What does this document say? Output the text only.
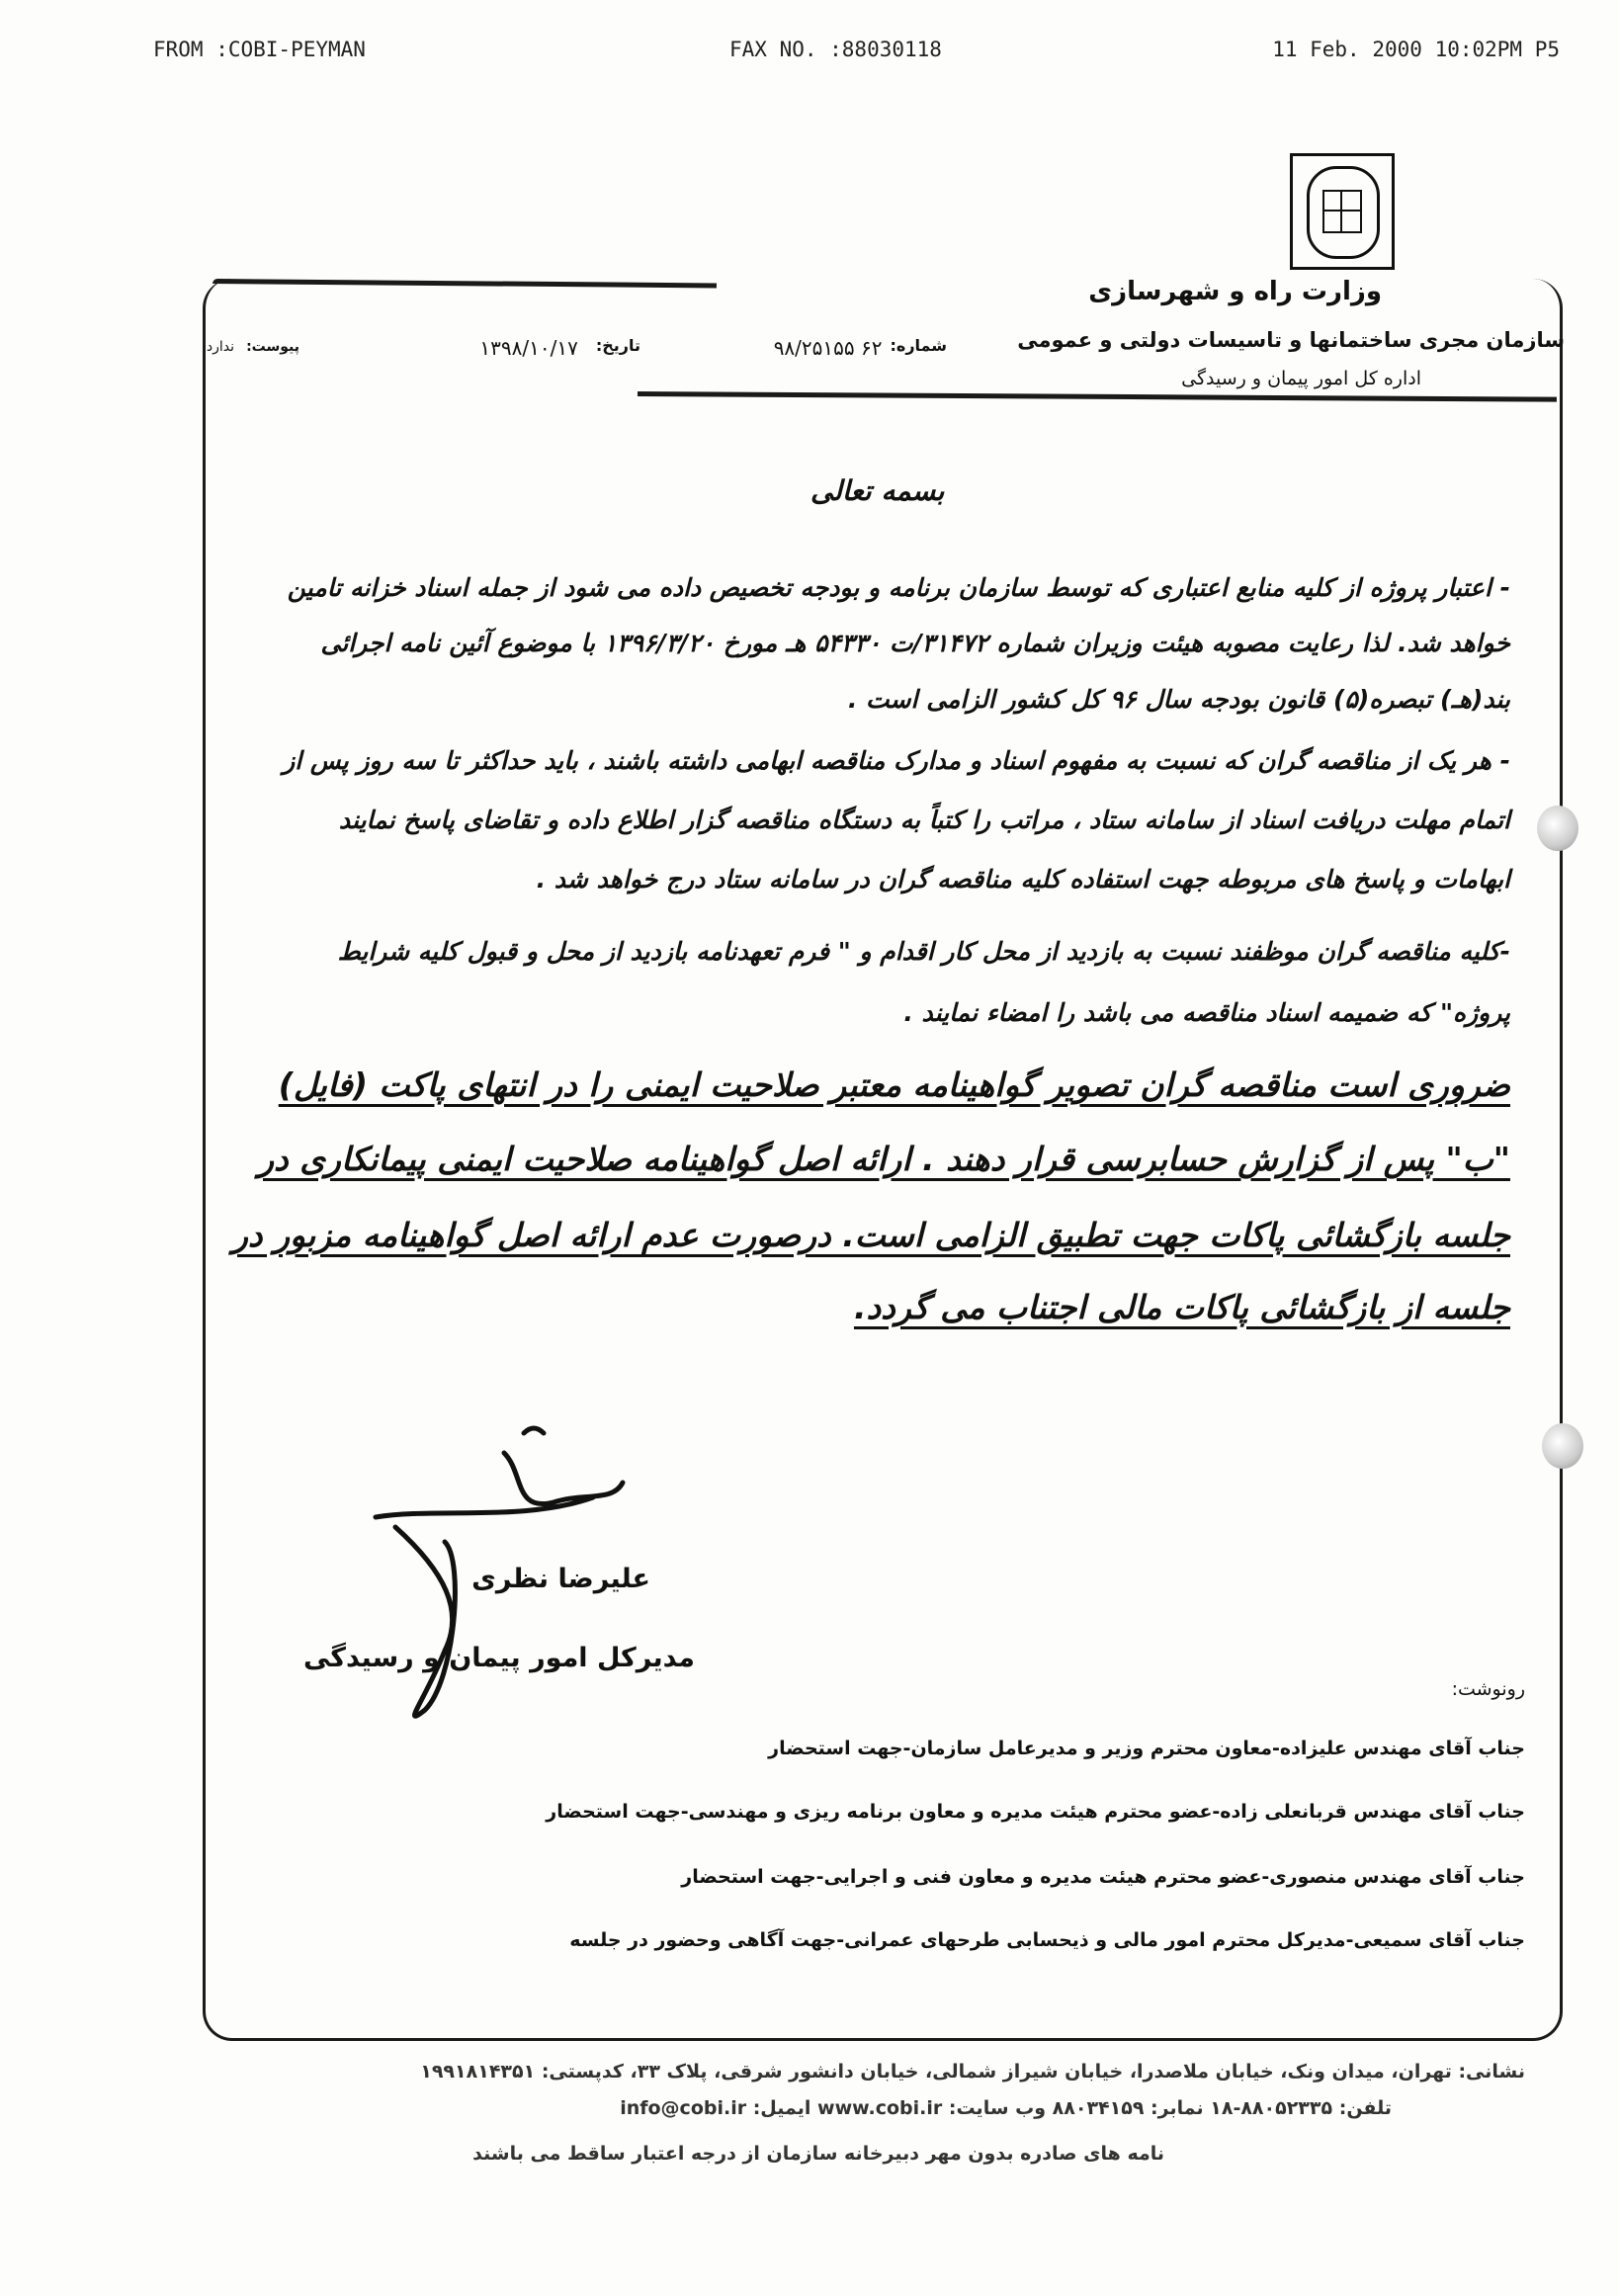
FROM :COBI-PEYMAN	FAX NO. :88030118	11 Feb. 2000 10:02PM P5
وزارت راه و شهرسازی
سازمان مجری ساختمانها و تاسیسات دولتی و عمومی
اداره کل امور پیمان و رسیدگی
شماره:
۶۲ ۹۸/۲۵۱۵۵
تاریخ:
۱۳۹۸/۱۰/۱۷
پیوست:
ندارد
بسمه تعالی
- اعتبار پروژه از کلیه منابع اعتباری که توسط سازمان برنامه و بودجه تخصیص داده می شود از جمله اسناد خزانه تامین
خواهد شد. لذا رعایت مصوبه هیئت وزیران شماره ۳۱۴۷۲/ت ۵۴۳۳۰ هـ مورخ ۱۳۹۶/۳/۲۰ با موضوع آئین نامه اجرائی
بند(هـ) تبصره(۵) قانون بودجه سال ۹۶ کل کشور الزامی است .
- هر یک از مناقصه گران که نسبت به مفهوم اسناد و مدارک مناقصه ابهامی داشته باشند ، باید حداکثر تا سه روز پس از
اتمام مهلت دریافت اسناد از سامانه ستاد ، مراتب را کتباً به دستگاه مناقصه گزار اطلاع داده و تقاضای پاسخ نمایند
ابهامات و پاسخ های مربوطه جهت استفاده کلیه مناقصه گران در سامانه ستاد درج خواهد شد .
-کلیه مناقصه گران موظفند نسبت به بازدید از محل کار اقدام و " فرم تعهدنامه بازدید از محل و قبول کلیه شرایط
پروژه" که ضمیمه اسناد مناقصه می باشد را امضاء نمایند .
ضروری است مناقصه گران تصویر گواهینامه معتبر صلاحیت ایمنی را در انتهای پاکت (فایل)
"ب" پس از گزارش حسابرسی قرار دهند . ارائه اصل گواهینامه صلاحیت ایمنی پیمانکاری در
جلسه بازگشائی پاکات جهت تطبیق الزامی است. درصورت عدم ارائه اصل گواهینامه مزبور در
جلسه از بازگشائی پاکات مالی اجتناب می گردد.
علیرضا نظری
مدیرکل امور پیمان و رسیدگی
رونوشت:
جناب آقای مهندس علیزاده-معاون محترم وزیر و مدیرعامل سازمان-جهت استحضار
جناب آقای مهندس قربانعلی زاده-عضو محترم هیئت مدیره و معاون برنامه ریزی و مهندسی-جهت استحضار
جناب آقای مهندس منصوری-عضو محترم هیئت مدیره و معاون فنی و اجرایی-جهت استحضار
جناب آقای سمیعی-مدیرکل محترم امور مالی و ذیحسابی طرحهای عمرانی-جهت آگاهی وحضور در جلسه
نشانی: تهران، میدان ونک، خیابان ملاصدرا، خیابان شیراز شمالی، خیابان دانشور شرقی، پلاک ۳۳، کدپستی: ۱۹۹۱۸۱۴۳۵۱
تلفن: ۸۸۰۵۲۳۳۵-۱۸ نمابر: ۸۸۰۳۴۱۵۹ وب سایت: www.cobi.ir ایمیل: info@cobi.ir
نامه های صادره بدون مهر دبیرخانه سازمان از درجه اعتبار ساقط می باشند
